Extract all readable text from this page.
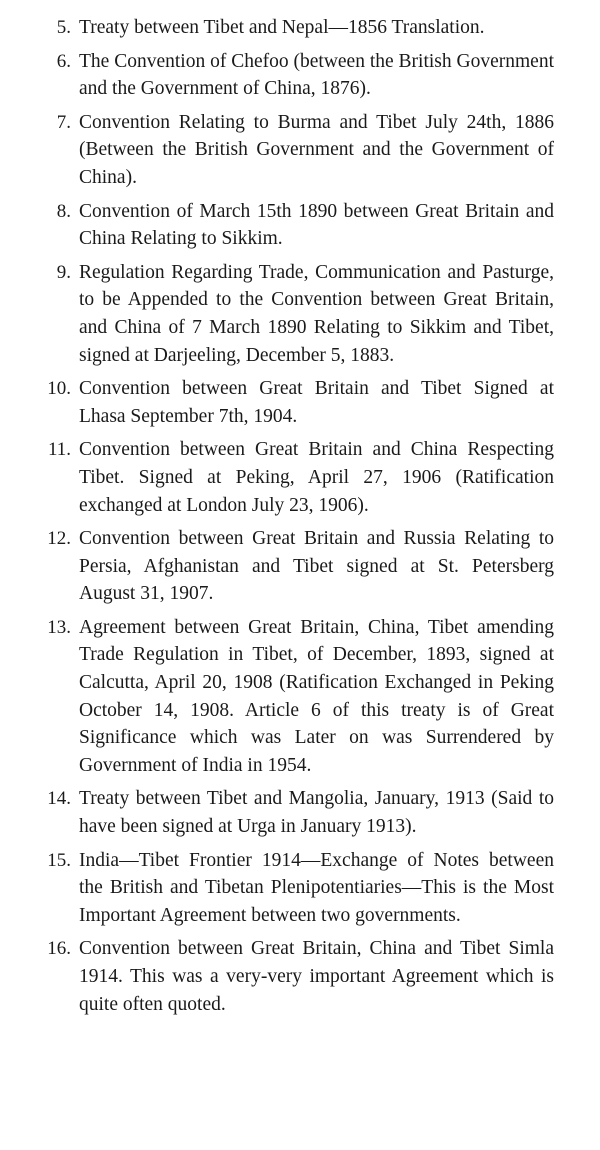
5. Treaty between Tibet and Nepal—1856 Translation.
6. The Convention of Chefoo (between the British Government and the Government of China, 1876).
7. Convention Relating to Burma and Tibet July 24th, 1886 (Between the British Government and the Government of China).
8. Convention of March 15th 1890 between Great Britain and China Relating to Sikkim.
9. Regulation Regarding Trade, Communication and Pasturge, to be Appended to the Convention between Great Britain, and China of 7 March 1890 Relating to Sikkim and Tibet, signed at Darjeeling, December 5, 1883.
10. Convention between Great Britain and Tibet Signed at Lhasa September 7th, 1904.
11. Convention between Great Britain and China Respecting Tibet. Signed at Peking, April 27, 1906 (Ratification exchanged at London July 23, 1906).
12. Convention between Great Britain and Russia Relating to Persia, Afghanistan and Tibet signed at St. Petersberg August 31, 1907.
13. Agreement between Great Britain, China, Tibet amending Trade Regulation in Tibet, of December, 1893, signed at Calcutta, April 20, 1908 (Ratification Exchanged in Peking October 14, 1908. Article 6 of this treaty is of Great Significance which was Later on was Surrendered by Government of India in 1954.
14. Treaty between Tibet and Mangolia, January, 1913 (Said to have been signed at Urga in January 1913).
15. India—Tibet Frontier 1914—Exchange of Notes between the British and Tibetan Plenipotentiaries—This is the Most Important Agreement between two governments.
16. Convention between Great Britain, China and Tibet Simla 1914. This was a very-very important Agreement which is quite often quoted.
